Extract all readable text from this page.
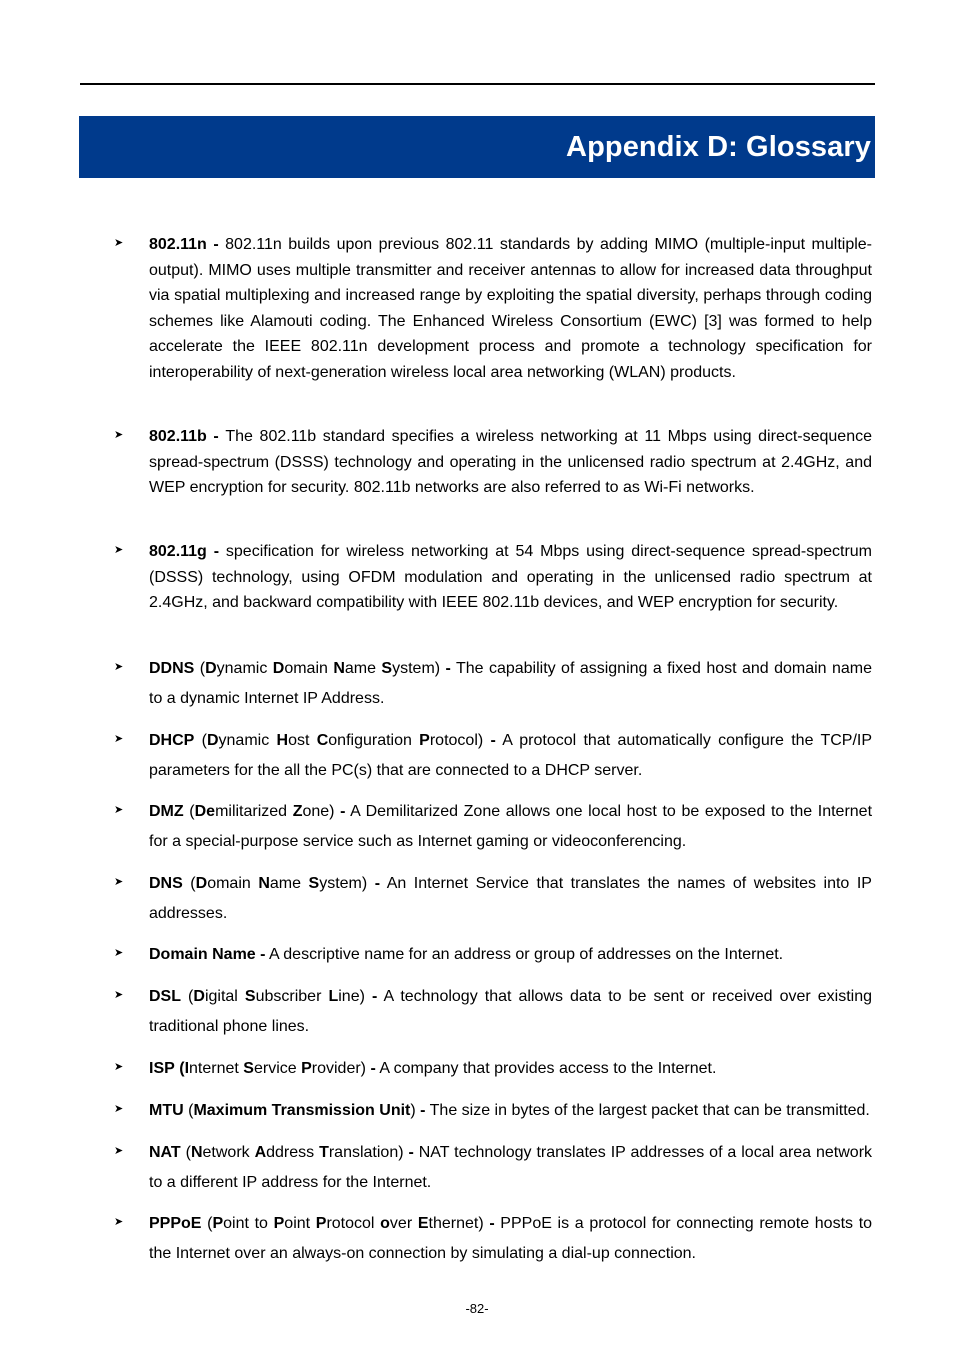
Appendix D: Glossary
➤ 802.11n - 802.11n builds upon previous 802.11 standards by adding MIMO (multiple-input multiple-output). MIMO uses multiple transmitter and receiver antennas to allow for increased data throughput via spatial multiplexing and increased range by exploiting the spatial diversity, perhaps through coding schemes like Alamouti coding. The Enhanced Wireless Consortium (EWC) [3] was formed to help accelerate the IEEE 802.11n development process and promote a technology specification for interoperability of next-generation wireless local area networking (WLAN) products.

➤ 802.11b - The 802.11b standard specifies a wireless networking at 11 Mbps using direct-sequence spread-spectrum (DSSS) technology and operating in the unlicensed radio spectrum at 2.4GHz, and WEP encryption for security. 802.11b networks are also referred to as Wi-Fi networks.

➤ 802.11g - specification for wireless networking at 54 Mbps using direct-sequence spread-spectrum (DSSS) technology, using OFDM modulation and operating in the unlicensed radio spectrum at 2.4GHz, and backward compatibility with IEEE 802.11b devices, and WEP encryption for security.

➤ DDNS (Dynamic Domain Name System) - The capability of assigning a fixed host and domain name to a dynamic Internet IP Address.

➤ DHCP (Dynamic Host Configuration Protocol) - A protocol that automatically configure the TCP/IP parameters for the all the PC(s) that are connected to a DHCP server.

➤ DMZ (Demilitarized Zone) - A Demilitarized Zone allows one local host to be exposed to the Internet for a special-purpose service such as Internet gaming or videoconferencing.

➤ DNS (Domain Name System) - An Internet Service that translates the names of websites into IP addresses.

➤ Domain Name - A descriptive name for an address or group of addresses on the Internet.

➤ DSL (Digital Subscriber Line) - A technology that allows data to be sent or received over existing traditional phone lines.

➤ ISP (Internet Service Provider) - A company that provides access to the Internet.

➤ MTU (Maximum Transmission Unit) - The size in bytes of the largest packet that can be transmitted.

➤ NAT (Network Address Translation) - NAT technology translates IP addresses of a local area network to a different IP address for the Internet.

➤ PPPoE (Point to Point Protocol over Ethernet) - PPPoE is a protocol for connecting remote hosts to the Internet over an always-on connection by simulating a dial-up connection.

-82-
